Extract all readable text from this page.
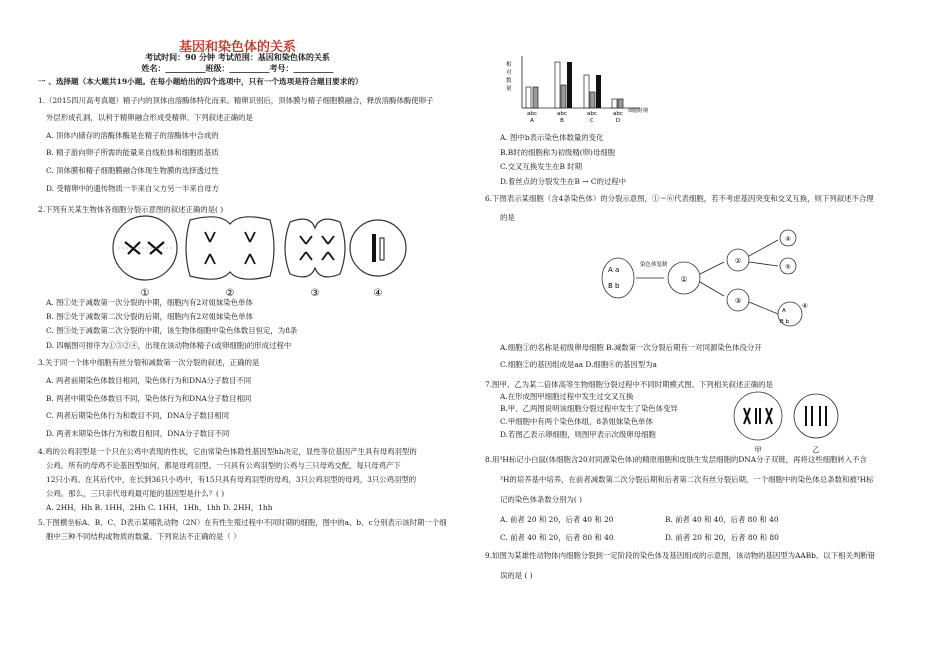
基因和染色体的关系
考试时间：90 分钟 考试范围：基因和染色体的关系
姓名：__________班级：__________考号：__________
一 、选择题（本大题共19小题。在每小题给出的四个选项中，只有一个选项是符合题目要求的）
①	②	③	④
相
对
数
量
abc	abc	abc	abc
A	B	C	D
细胞时期
A a
B b
染色体复制
①
②
③
④
⑤
A
B b
⑥
甲	乙
1.（2015四川高考真题）精子内的顶体由溶酶体特化而来。精卵识别后，顶体膜与精子细胞膜融合，释放溶酶体酶使卵子
外层形成孔洞，以利于精卵融合形成受精卵。下列叙述正确的是
A. 顶体内储存的溶酶体酶是在精子的溶酶体中合成的
B. 精子游向卵子所需的能量来自线粒体和细胞质基质
C. 顶体膜和精子细胞膜融合体现生物膜的选择透过性
D. 受精卵中的遗传物质一半来自父方另一半来自母方
2.下列有关某生物体各细胞分裂示意图的叙述正确的是( )
A. 图①处于减数第一次分裂的中期，细胞内有2对姐妹染色单体
B. 图②处于减数第二次分裂的后期，细胞内有2对姐妹染色单体
C. 图③处于减数第二次分裂的中期，该生物体细胞中染色体数目恒定，为8条
D. 四幅图可排序为①③②④，出现在该动物体精子(或卵细胞)的形成过程中
3.关于同一个体中细胞有丝分裂和减数第一次分裂的叙述，正确的是
A. 两者前期染色体数目相同，染色体行为和DNA分子数目不同
B. 两者中期染色体数目不同，染色体行为和DNA分子数目相同
C. 两者后期染色体行为和数目不同，DNA分子数目相同
D. 两者末期染色体行为和数目相同，DNA分子数目不同
4.鸡的公鸡羽型是一个只在公鸡中表现的性状，它由常染色体隐性基因型hh决定，显性等位基因产生具有母鸡羽型的
公鸡。所有的母鸡不论基因型如何，都是母鸡羽型。一只具有公鸡羽型的公鸡与三只母鸡交配，每只母鸡产下
12只小鸡。在其后代中，在长到36只小鸡中，有15只具有母鸡羽型的母鸡，3只公鸡羽型的母鸡，3只公鸡羽型的
公鸡。那么，三只亲代母鸡最可能的基因型是什么？( )
A. 2HH，Hh B. 1HH，2Hh C. 1HH，1Hh，1hh D. 2HH，1hh
5.下图横坐标A、B、C、D表示某哺乳动物（2N）在有性生殖过程中不同时期的细胞，图中的a、b、c分别表示该时期一个细
胞中三种不同结构或物质的数量。下列说法不正确的是（ ）
A. 图中b表示染色体数量的变化
B.B时的细胞称为初级精(卵)母细胞
C.交叉互换发生在B 时期
D.着丝点的分裂发生在B → C的过程中
6.下图表示某细胞（含4条染色体）的分裂示意图，①～⑥代表细胞，若不考虑基因突变和交叉互换，则下列叙述不合理
的是
A.细胞①的名称是初级卵母细胞 B.减数第一次分裂后期有一对同源染色体没分开
C.细胞②的基因组成是aa D.细胞⑥的基因型为a
7.图甲、乙为某二倍体高等生物细胞分裂过程中不同时期模式图。下列相关叙述正确的是
A.在形成图甲细胞过程中发生过交叉互换
B.甲、乙两图说明该细胞分裂过程中发生了染色体变异
C.甲细胞中有两个染色体组，8条姐妹染色单体
D.若图乙表示卵细胞，则图甲表示次级卵母细胞
8.用³H标记小白鼠(体细胞含20对同源染色体)的精原细胞和皮肤生发层细胞的DNA分子双链，再将这些细胞转入不含
³H的培养基中培养，在前者减数第二次分裂后期和后者第二次有丝分裂后期，一个细胞中的染色体总条数和被³H标
记的染色体条数分别为( )
A. 前者 20 和 20，后者 40 和 20	B. 前者 40 和 40，后者 80 和 40
C. 前者 40 和 20，后者 80 和 40	D. 前者 20 和 20，后者 80 和 80
9.如图为某雄性动物体内细胞分裂到一定阶段的染色体及基因组成的示意图，该动物的基因型为AABb。以下相关判断错
误的是 ( )
